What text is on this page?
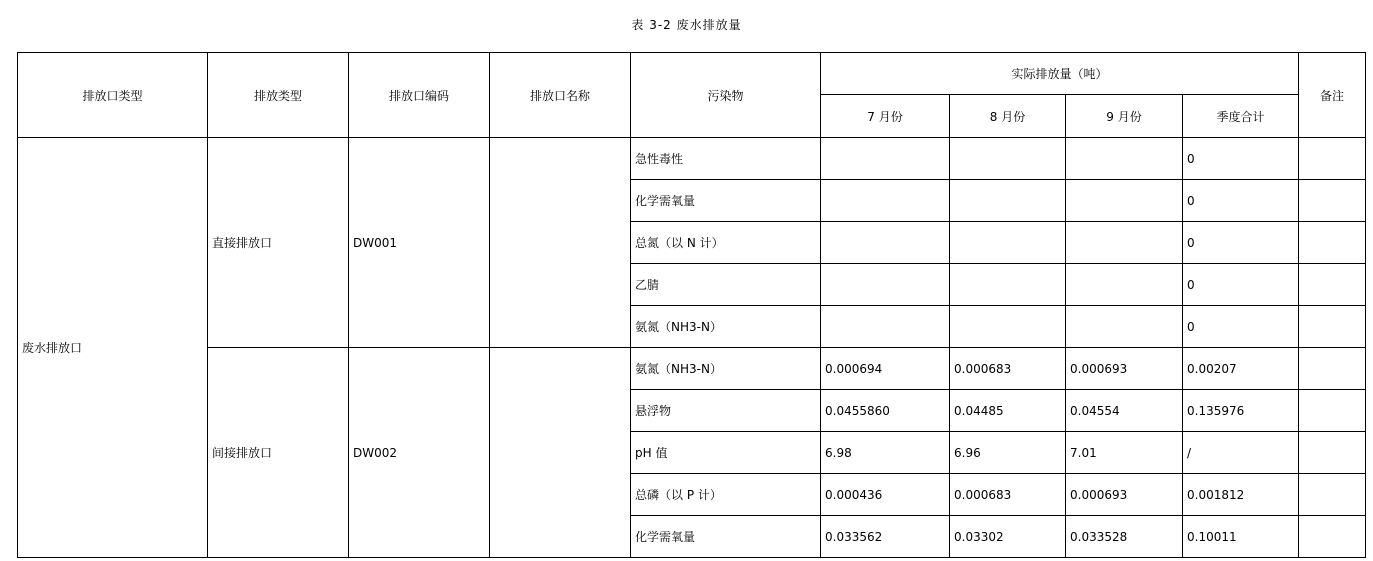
表 3-2 废水排放量
排放口类型	排放类型	排放口编码	排放口名称	污染物	实际排放量（吨）				备注
					7 月份	8 月份	9 月份	季度合计	
废水排放口	直接排放口	DW001		急性毒性				0	
				化学需氧量				0	
				总氮（以 N 计）				0	
				乙腈				0	
				氨氮（NH3-N）				0	
	间接排放口	DW002		氨氮（NH3-N）	0.000694	0.000683	0.000693	0.00207	
				悬浮物	0.0455860	0.04485	0.04554	0.135976	
				pH 值	6.98	6.96	7.01	/	
				总磷（以 P 计）	0.000436	0.000683	0.000693	0.001812	
				化学需氧量	0.033562	0.03302	0.033528	0.10011	
